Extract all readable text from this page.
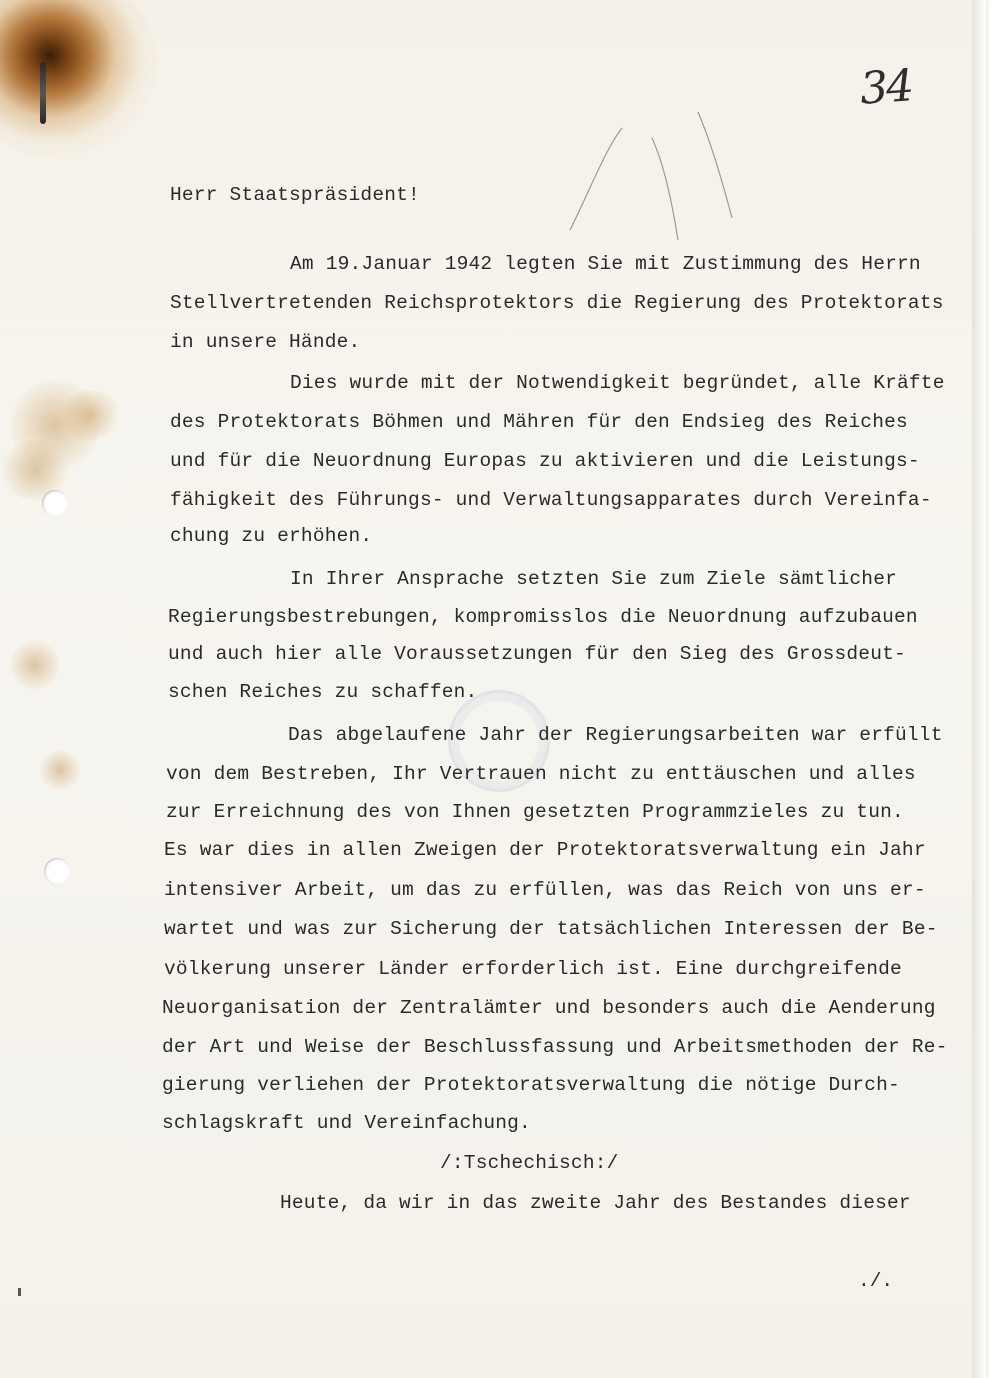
34
Herr Staatspräsident!
Am 19.Januar 1942 legten Sie mit Zustimmung des Herrn
Stellvertretenden Reichsprotektors die Regierung des Protektorats
in unsere Hände.
Dies wurde mit der Notwendigkeit begründet, alle Kräfte
des Protektorats Böhmen und Mähren für den Endsieg des Reiches
und für die Neuordnung Europas zu aktivieren und die Leistungs-
fähigkeit des Führungs- und Verwaltungsapparates durch Vereinfa-
chung zu erhöhen.
In Ihrer Ansprache setzten Sie zum Ziele sämtlicher
Regierungsbestrebungen, kompromisslos die Neuordnung aufzubauen
und auch hier alle Voraussetzungen für den Sieg des Grossdeut-
schen Reiches zu schaffen.
Das abgelaufene Jahr der Regierungsarbeiten war erfüllt
von dem Bestreben, Ihr Vertrauen nicht zu enttäuschen und alles
zur Erreichnung des von Ihnen gesetzten Programmzieles zu tun.
Es war dies in allen Zweigen der Protektoratsverwaltung ein Jahr
intensiver Arbeit, um das zu erfüllen, was das Reich von uns er-
wartet und was zur Sicherung der tatsächlichen Interessen der Be-
völkerung unserer Länder erforderlich ist. Eine durchgreifende
Neuorganisation der Zentralämter und besonders auch die Aenderung
der Art und Weise der Beschlussfassung und Arbeitsmethoden der Re-
gierung verliehen der Protektoratsverwaltung die nötige Durch-
schlagskraft und Vereinfachung.
/:Tschechisch:/
Heute, da wir in das zweite Jahr des Bestandes dieser
./.
